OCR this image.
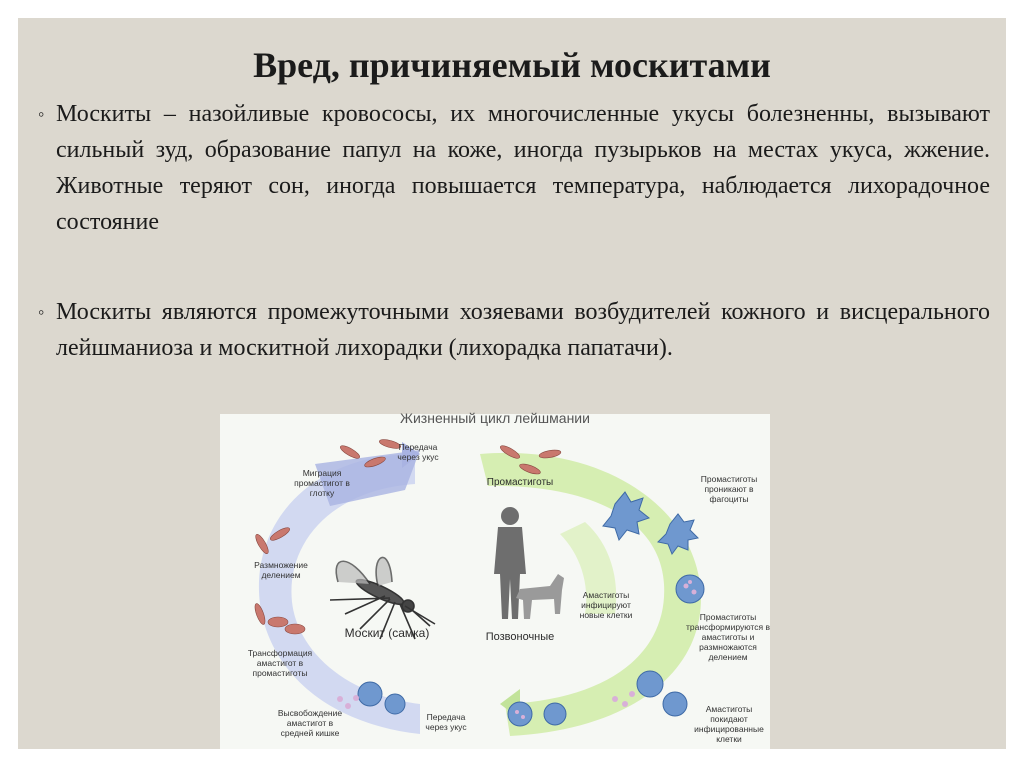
Вред, причиняемый москитами
◦ Москиты – назойливые кровососы, их многочисленные укусы болезненны, вызывают сильный зуд, образование папул на коже, иногда пузырьков на местах укуса, жжение. Животные теряют сон, иногда повышается температура, наблюдается лихорадочное состояние
◦ Москиты являются промежуточными хозяевами возбудителей кожного и висцерального лейшманиоза и москитной лихорадки (лихорадка папатачи).
Жизненный цикл лейшмании
Передача через укус
Миграция промастигот в глотку
Промастиготы	Промастиготы проникают в фагоциты
Размножение делением
Москит (самка)	Позвоночные
Амастиготы инфицируют новые клетки	Промастиготы трансформируются в амастиготы и размножаются делением
Трансформация амастигот в промастиготы
Высвобождение амастигот в средней кишке
Передача через укус
Амастиготы покидают инфицированные клетки
